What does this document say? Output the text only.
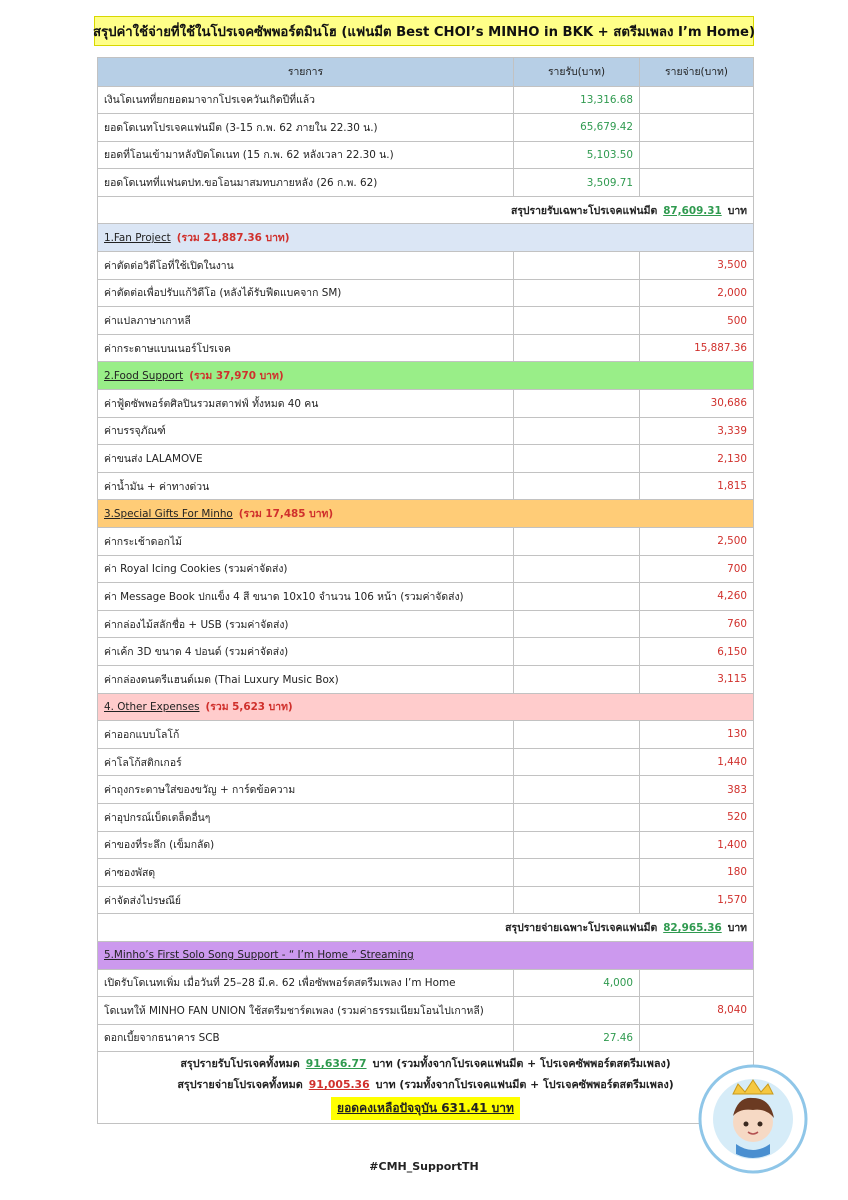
สรุปค่าใช้จ่ายที่ใช้ในโปรเจคซัพพอร์ตมินโฮ (แฟนมีต Best CHOI’s MINHO in BKK + สตรีมเพลง I’m Home)
รายการ	รายรับ(บาท)	รายจ่าย(บาท)
เงินโดเนทที่ยกยอดมาจากโปรเจควันเกิดปีที่แล้ว	13,316.68	
ยอดโดเนทโปรเจคแฟนมีต (3-15 ก.พ. 62 ภายใน 22.30 น.)	65,679.42	
ยอดที่โอนเข้ามาหลังปิดโดเนท (15 ก.พ. 62 หลังเวลา 22.30 น.)	5,103.50	
ยอดโดเนทที่แฟนตปท.ขอโอนมาสมทบภายหลัง (26 ก.พ. 62)	3,509.71	
สรุปรายรับเฉพาะโปรเจคแฟนมีต 87,609.31 บาท		
1.Fan Project (รวม 21,887.36 บาท)		
ค่าตัดต่อวิดีโอที่ใช้เปิดในงาน		3,500
ค่าตัดต่อเพื่อปรับแก้วิดีโอ (หลังได้รับฟีดแบคจาก SM)		2,000
ค่าแปลภาษาเกาหลี		500
ค่ากระดาษแบนเนอร์โปรเจค		15,887.36
2.Food Support (รวม 37,970 บาท)		
ค่าฟู้ดซัพพอร์ตศิลปินรวมสตาฟฟ์ ทั้งหมด 40 คน		30,686
ค่าบรรจุภัณฑ์		3,339
ค่าขนส่ง LALAMOVE		2,130
ค่าน้ำมัน + ค่าทางด่วน		1,815
3.Special Gifts For Minho (รวม 17,485 บาท)		
ค่ากระเช้าดอกไม้		2,500
ค่า Royal Icing Cookies (รวมค่าจัดส่ง)		700
ค่า Message Book ปกแข็ง 4 สี ขนาด 10x10 จำนวน 106 หน้า (รวมค่าจัดส่ง)		4,260
ค่ากล่องไม้สลักชื่อ + USB (รวมค่าจัดส่ง)		760
ค่าเค้ก 3D ขนาด 4 ปอนด์ (รวมค่าจัดส่ง)		6,150
ค่ากล่องดนตรีแฮนด์เมด (Thai Luxury Music Box)		3,115
4. Other Expenses (รวม 5,623 บาท)		
ค่าออกแบบโลโก้		130
ค่าโลโก้สติกเกอร์		1,440
ค่าถุงกระดาษใส่ของขวัญ + การ์ดข้อความ		383
ค่าอุปกรณ์เบ็ดเตล็ดอื่นๆ		520
ค่าของที่ระลึก (เข็มกลัด)		1,400
ค่าซองพัสดุ		180
ค่าจัดส่งไปรษณีย์		1,570
สรุปรายจ่ายเฉพาะโปรเจคแฟนมีต 82,965.36 บาท		
5.Minho’s First Solo Song Support - “ I’m Home ” Streaming		
เปิดรับโดเนทเพิ่ม เมื่อวันที่ 25–28 มี.ค. 62 เพื่อซัพพอร์ตสตรีมเพลง I’m Home	4,000	
โดเนทให้ MINHO FAN UNION ใช้สตรีมชาร์ตเพลง (รวมค่าธรรมเนียมโอนไปเกาหลี)		8,040
ดอกเบี้ยจากธนาคาร SCB	27.46	

สรุปรายรับโปรเจคทั้งหมด 91,636.77 บาท (รวมทั้งจากโปรเจคแฟนมีต + โปรเจคซัพพอร์ตสตรีมเพลง)
สรุปรายจ่ายโปรเจคทั้งหมด 91,005.36 บาท (รวมทั้งจากโปรเจคแฟนมีต + โปรเจคซัพพอร์ตสตรีมเพลง)
ยอดคงเหลือปัจจุบัน 631.41 บาท		
#CMH_SupportTH
